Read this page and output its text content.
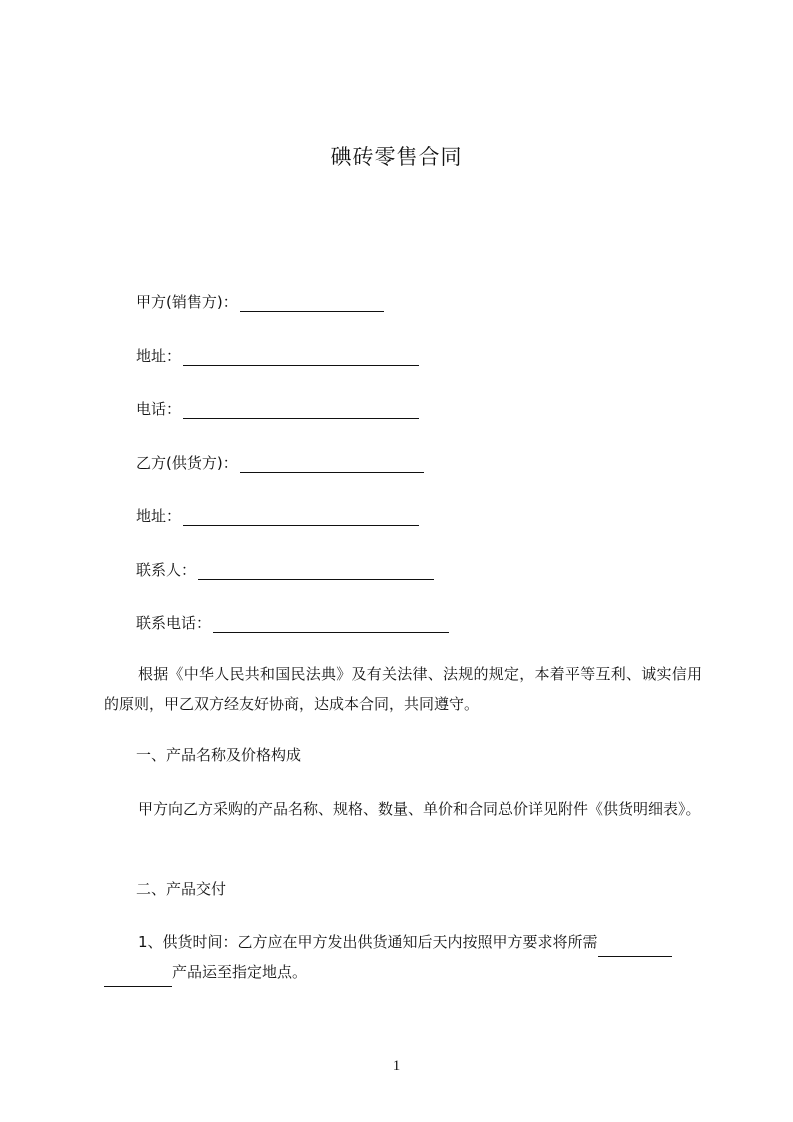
碘砖零售合同
甲方(销售方)：
地址：
电话：
乙方(供货方)：
地址：
联系人：
联系电话：
根据《中华人民共和国民法典》及有关法律、法规的规定，本着平等互利、诚实信用的原则，甲乙双方经友好协商，达成本合同，共同遵守。
一、产品名称及价格构成
甲方向乙方采购的产品名称、规格、数量、单价和合同总价详见附件《供货明细表》。
二、产品交付
1、供货时间：乙方应在甲方发出供货通知后天内按照甲方要求将所需
产品运至指定地点。
1
